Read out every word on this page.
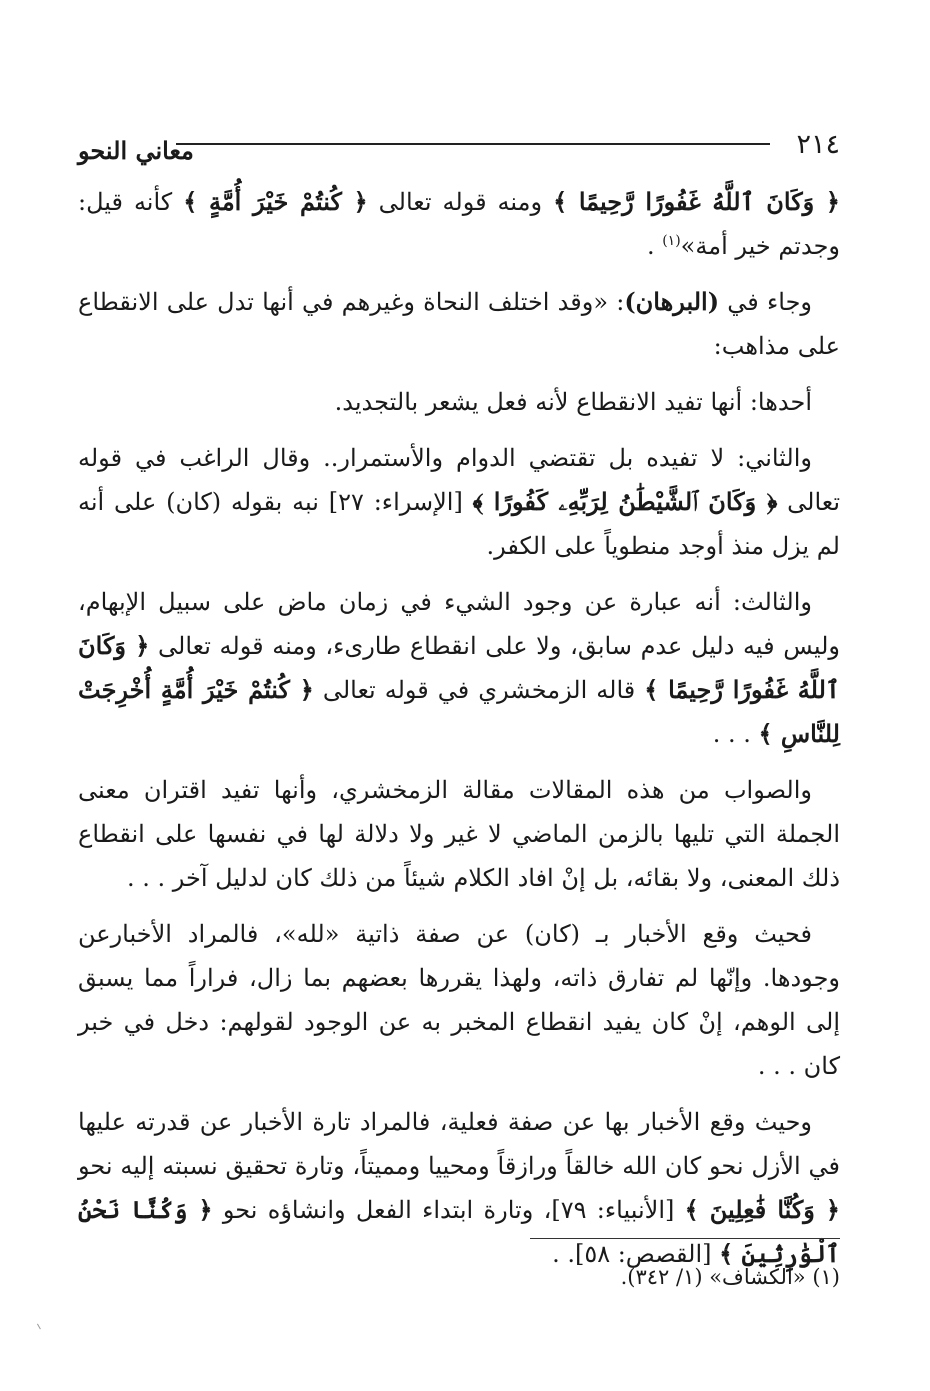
٢١٤
معاني النحو

﴿ وَكَانَ ٱللَّهُ غَفُورًا رَّحِيمًا ﴾ ومنه قوله تعالى ﴿ كُنتُمْ خَيْرَ أُمَّةٍ ﴾ كأنه قيل: وجدتم خير أمة»$^{(١)}$ .

وجاء في (البرهان): «وقد اختلف النحاة وغيرهم في أنها تدل على الانقطاع على مذاهب:

أحدها: أنها تفيد الانقطاع لأنه فعل يشعر بالتجديد.

والثاني: لا تفيده بل تقتضي الدوام والأستمرار.. وقال الراغب في قوله تعالى ﴿ وَكَانَ ٱلشَّيْطَٰنُ لِرَبِّهِۦ كَفُورًا ﴾ [الإسراء: ٢٧] نبه بقوله (كان) على أنه لم يزل منذ أوجد منطوياً على الكفر.

والثالث: أنه عبارة عن وجود الشيء في زمان ماض على سبيل الإبهام، وليس فيه دليل عدم سابق، ولا على انقطاع طارىء، ومنه قوله تعالى ﴿ وَكَانَ ٱللَّهُ غَفُورًا رَّحِيمًا ﴾ قاله الزمخشري في قوله تعالى ﴿ كُنتُمْ خَيْرَ أُمَّةٍ أُخْرِجَتْ لِلنَّاسِ ﴾ . . .

والصواب من هذه المقالات مقالة الزمخشري، وأنها تفيد اقتران معنى الجملة التي تليها بالزمن الماضي لا غير ولا دلالة لها في نفسها على انقطاع ذلك المعنى، ولا بقائه، بل إنْ افاد الكلام شيئاً من ذلك كان لدليل آخر . . .

فحيث وقع الأخبار بـ (كان) عن صفة ذاتية «لله»، فالمراد الأخبارعن وجودها. وإنّها لم تفارق ذاته، ولهذا يقررها بعضهم بما زال، فراراً مما يسبق إلى الوهم، إنْ كان يفيد انقطاع المخبر به عن الوجود لقولهم: دخل في خبر كان . . .

وحيث وقع الأخبار بها عن صفة فعلية، فالمراد تارة الأخبار عن قدرته عليها في الأزل نحو كان الله خالقاً ورازقاً ومحييا ومميتاً، وتارة تحقيق نسبته إليه نحو ﴿ وَكُنَّا فَٰعِلِينَ ﴾ [الأنبياء: ٧٩]، وتارة ابتداء الفعل وانشاؤه نحو ﴿ وَكُنَّا نَحْنُ ٱلْوَٰرِثِينَ ﴾ [القصص: ٥٨]. .

(١) «الكشاف» (١/ ٣٤٢).
